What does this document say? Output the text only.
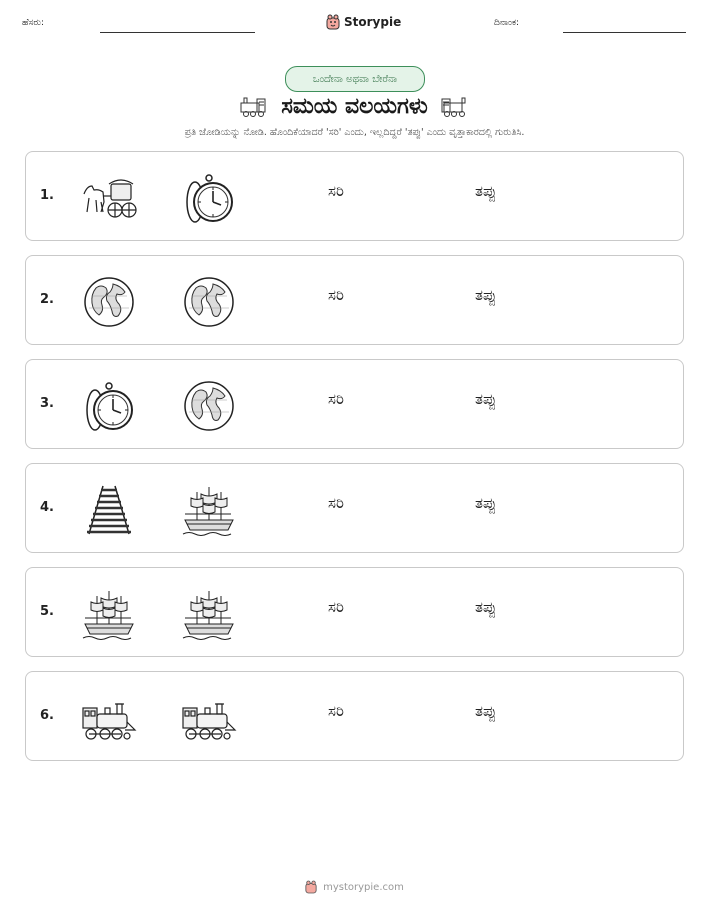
ಹೆಸರು:	Storypie	ದಿನಾಂಕ:
ಒಂದೇನಾ ಅಥವಾ ಬೇರೆನಾ
ಸಮಯ ವಲಯಗಳು
ಪ್ರತಿ ಜೋಡಿಯನ್ನು ನೋಡಿ. ಹೊಂದಿಕೆಯಾದರೆ 'ಸರಿ' ಎಂದು, ಇಲ್ಲದಿದ್ದರೆ 'ತಪ್ಪು' ಎಂದು ವೃತ್ತಾಕಾರದಲ್ಲಿ ಗುರುತಿಸಿ.
1.	ಸರಿ	ತಪ್ಪು
2.	ಸರಿ	ತಪ್ಪು
3.	ಸರಿ	ತಪ್ಪು
4.	ಸರಿ	ತಪ್ಪು
5.	ಸರಿ	ತಪ್ಪು
6.	ಸರಿ	ತಪ್ಪು
mystorypie.com
